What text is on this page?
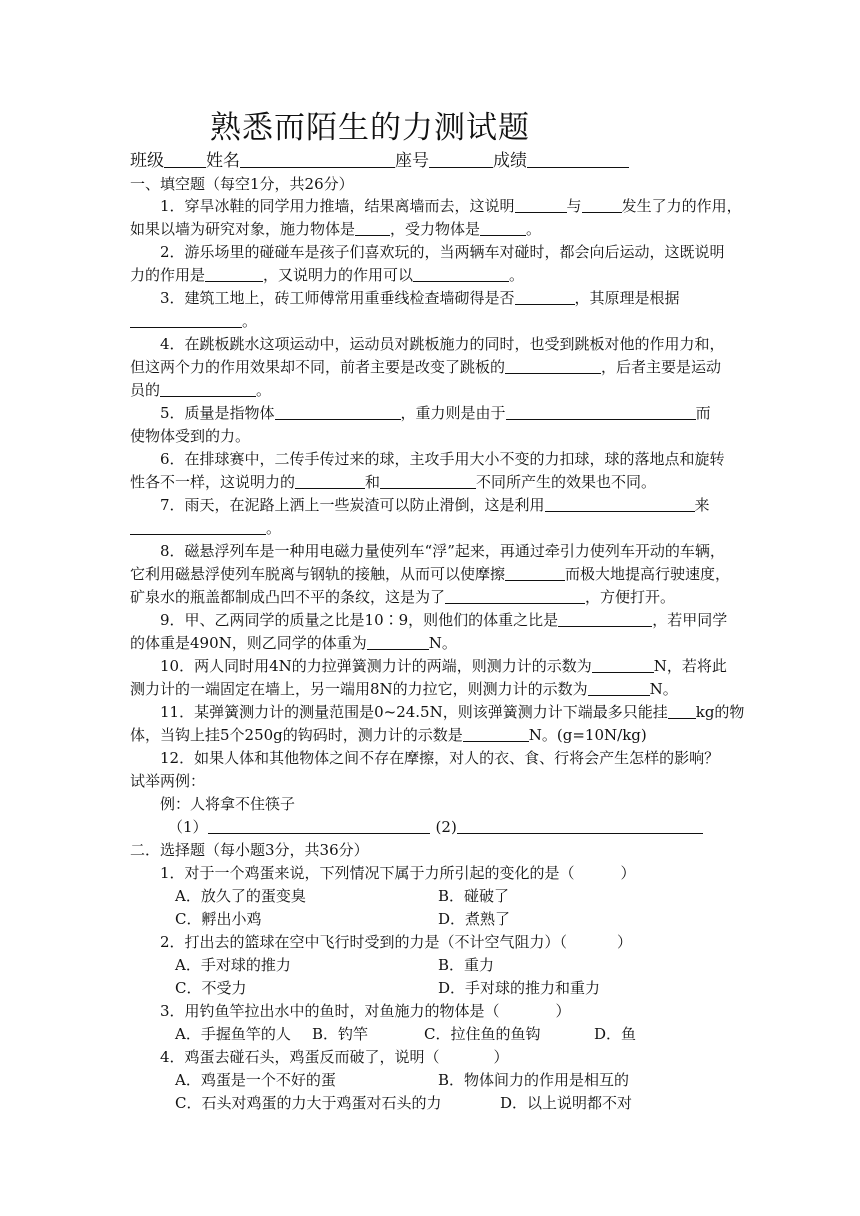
熟悉而陌生的力测试题
班级 姓名	座号	成绩
一、填空题（每空1分，共26分）
1．穿旱冰鞋的同学用力推墙，结果离墙而去，这说明	与	发生了力的作用，
如果以墙为研究对象，施力物体是 ，受力物体是	。
2．游乐场里的碰碰车是孩子们喜欢玩的，当两辆车对碰时，都会向后运动，这既说明
力的作用是	，又说明力的作用可以	。
3．建筑工地上，砖工师傅常用重垂线检查墙砌得是否	，其原理是根据
。
4．在跳板跳水这项运动中，运动员对跳板施力的同时，也受到跳板对他的作用力和，
但这两个力的作用效果却不同，前者主要是改变了跳板的	，后者主要是运动
员的	。
5．质量是指物体	，重力则是由于	而
使物体受到的力。
6．在排球赛中，二传手传过来的球，主攻手用大小不变的力扣球，球的落地点和旋转
性各不一样，这说明力的	和	不同所产生的效果也不同。
7．雨天，在泥路上洒上一些炭渣可以防止滑倒，这是利用	来
。
8．磁悬浮列车是一种用电磁力量使列车“浮”起来，再通过牵引力使列车开动的车辆，
它利用磁悬浮使列车脱离与钢轨的接触，从而可以使摩擦	而极大地提高行驶速度，
矿泉水的瓶盖都制成凸凹不平的条纹，这是为了	，方便打开。
9．甲、乙两同学的质量之比是10∶9，则他们的体重之比是	，若甲同学
的体重是490N，则乙同学的体重为	N。
10．两人同时用4N的力拉弹簧测力计的两端，则测力计的示数为	N，若将此
测力计的一端固定在墙上，另一端用8N的力拉它，则测力计的示数为	N。
11．某弹簧测力计的测量范围是0~24.5N，则该弹簧测力计下端最多只能挂 kg的物
体，当钩上挂5个250g的钩码时，测力计的示数是	N。(g=10N/kg)
12．如果人体和其他物体之间不存在摩擦，对人的衣、食、行将会产生怎样的影响？
试举两例：
例：人将拿不住筷子
（1）	(2)
二．选择题（每小题3分，共36分）
1．对于一个鸡蛋来说，下列情况下属于力所引起的变化的是（	）
A．放久了的蛋变臭	B．碰破了
C．孵出小鸡	D．煮熟了
2．打出去的篮球在空中飞行时受到的力是（不计空气阻力）（	）
A．手对球的推力	B．重力
C．不受力	D．手对球的推力和重力
3．用钓鱼竿拉出水中的鱼时，对鱼施力的物体是（	）
A．手握鱼竿的人 B．钓竿	C．拉住鱼的鱼钩	D．鱼
4．鸡蛋去碰石头，鸡蛋反而破了，说明（	）
A．鸡蛋是一个不好的蛋	B．物体间力的作用是相互的
C．石头对鸡蛋的力大于鸡蛋对石头的力	D．以上说明都不对
